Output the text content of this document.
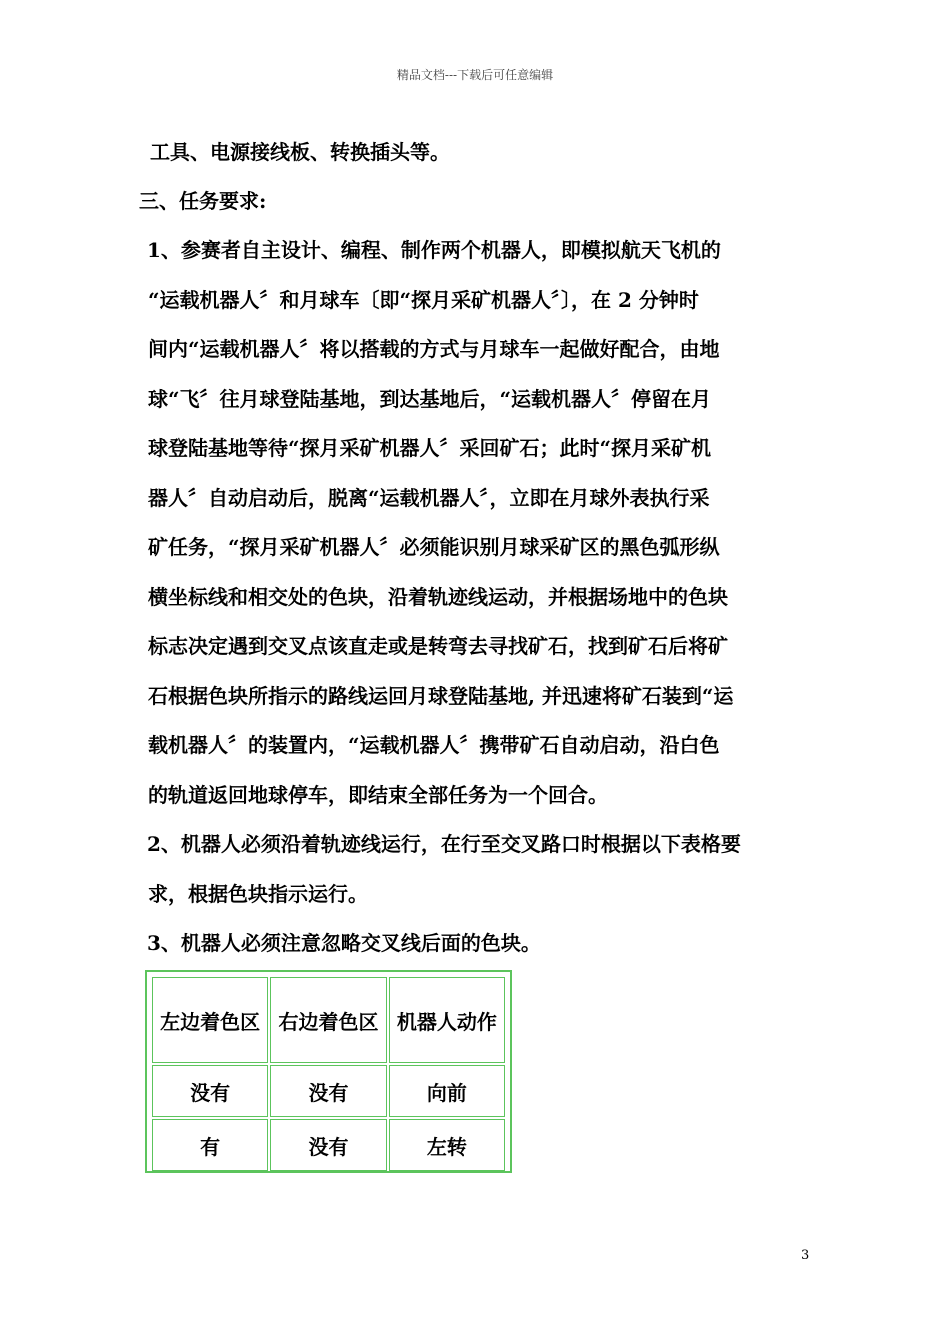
精品文档---下载后可任意编辑
工具、电源接线板、转换插头等。
三、任务要求:
1、参赛者自主设计、编程、制作两个机器人，即模拟航天飞机的
“运载机器人〞和月球车〔即“探月采矿机器人〞〕，在 2 分钟时
间内“运载机器人〞将以搭载的方式与月球车一起做好配合，由地
球“飞〞往月球登陆基地，到达基地后，“运载机器人〞停留在月
球登陆基地等待“探月采矿机器人〞采回矿石；此时“探月采矿机
器人〞自动启动后，脱离“运载机器人〞，立即在月球外表执行采
矿任务，“探月采矿机器人〞必须能识别月球采矿区的黑色弧形纵
横坐标线和相交处的色块，沿着轨迹线运动，并根据场地中的色块
标志决定遇到交叉点该直走或是转弯去寻找矿石，找到矿石后将矿
石根据色块所指示的路线运回月球登陆基地, 并迅速将矿石装到“运
载机器人〞的装置内，“运载机器人〞携带矿石自动启动，沿白色
的轨道返回地球停车，即结束全部任务为一个回合。
2、机器人必须沿着轨迹线运行，在行至交叉路口时根据以下表格要
求，根据色块指示运行。
3、机器人必须注意忽略交叉线后面的色块。
左边着色区	右边着色区	机器人动作
没有	没有	向前
有	没有	左转
3
